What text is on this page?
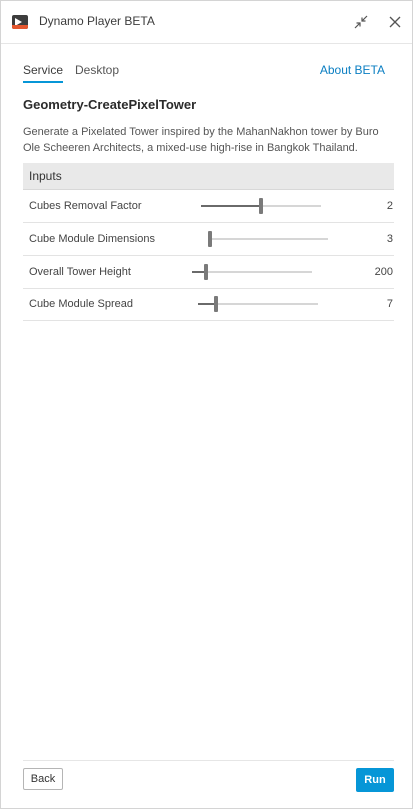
Dynamo Player BETA
Service Desktop	About BETA
Geometry-CreatePixelTower
Generate a Pixelated Tower inspired by the MahanNakhon tower by Buro Ole Scheeren Architects, a mixed-use high-rise in Bangkok Thailand.
Inputs
Cubes Removal Factor	2
Cube Module Dimensions	3
Overall Tower Height	200
Cube Module Spread	7
Back	Run
